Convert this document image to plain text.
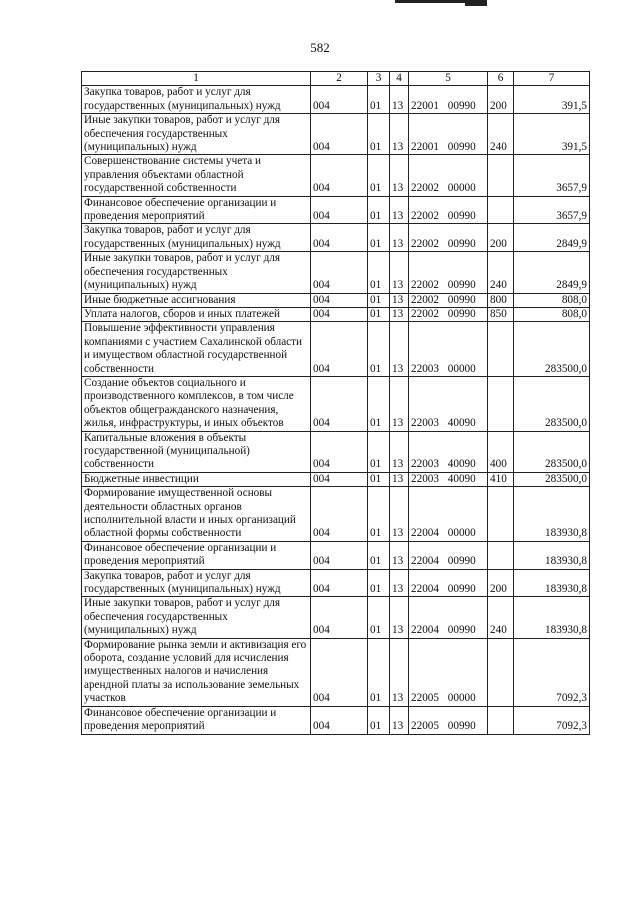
582
1	2	3	4	5	6	7
Закупка товаров, работ и услуг для государственных (муниципальных) нужд	004	01	13	22001 00990	200	391,5
Иные закупки товаров, работ и услуг для обеспечения государственных (муниципальных) нужд	004	01	13	22001 00990	240	391,5
Совершенствование системы учета и управления объектами областной государственной собственности	004	01	13	22002 00000		3657,9
Финансовое обеспечение организации и проведения мероприятий	004	01	13	22002 00990		3657,9
Закупка товаров, работ и услуг для государственных (муниципальных) нужд	004	01	13	22002 00990	200	2849,9
Иные закупки товаров, работ и услуг для обеспечения государственных (муниципальных) нужд	004	01	13	22002 00990	240	2849,9
Иные бюджетные ассигнования	004	01	13	22002 00990	800	808,0
Уплата налогов, сборов и иных платежей	004	01	13	22002 00990	850	808,0
Повышение эффективности управления компаниями с участием Сахалинской области и имуществом областной государственной собственности	004	01	13	22003 00000		283500,0
Создание объектов социального и производственного комплексов, в том числе объектов общегражданского назначения, жилья, инфраструктуры, и иных объектов	004	01	13	22003 40090		283500,0
Капитальные вложения в объекты государственной (муниципальной) собственности	004	01	13	22003 40090	400	283500,0
Бюджетные инвестиции	004	01	13	22003 40090	410	283500,0
Формирование имущественной основы деятельности областных органов исполнительной власти и иных организаций областной формы собственности	004	01	13	22004 00000		183930,8
Финансовое обеспечение организации и проведения мероприятий	004	01	13	22004 00990		183930,8
Закупка товаров, работ и услуг для государственных (муниципальных) нужд	004	01	13	22004 00990	200	183930,8
Иные закупки товаров, работ и услуг для обеспечения государственных (муниципальных) нужд	004	01	13	22004 00990	240	183930,8
Формирование рынка земли и активизация его оборота, создание условий для исчисления имущественных налогов и начисления арендной платы за использование земельных участков	004	01	13	22005 00000		7092,3
Финансовое обеспечение организации и проведения мероприятий	004	01	13	22005 00990		7092,3
